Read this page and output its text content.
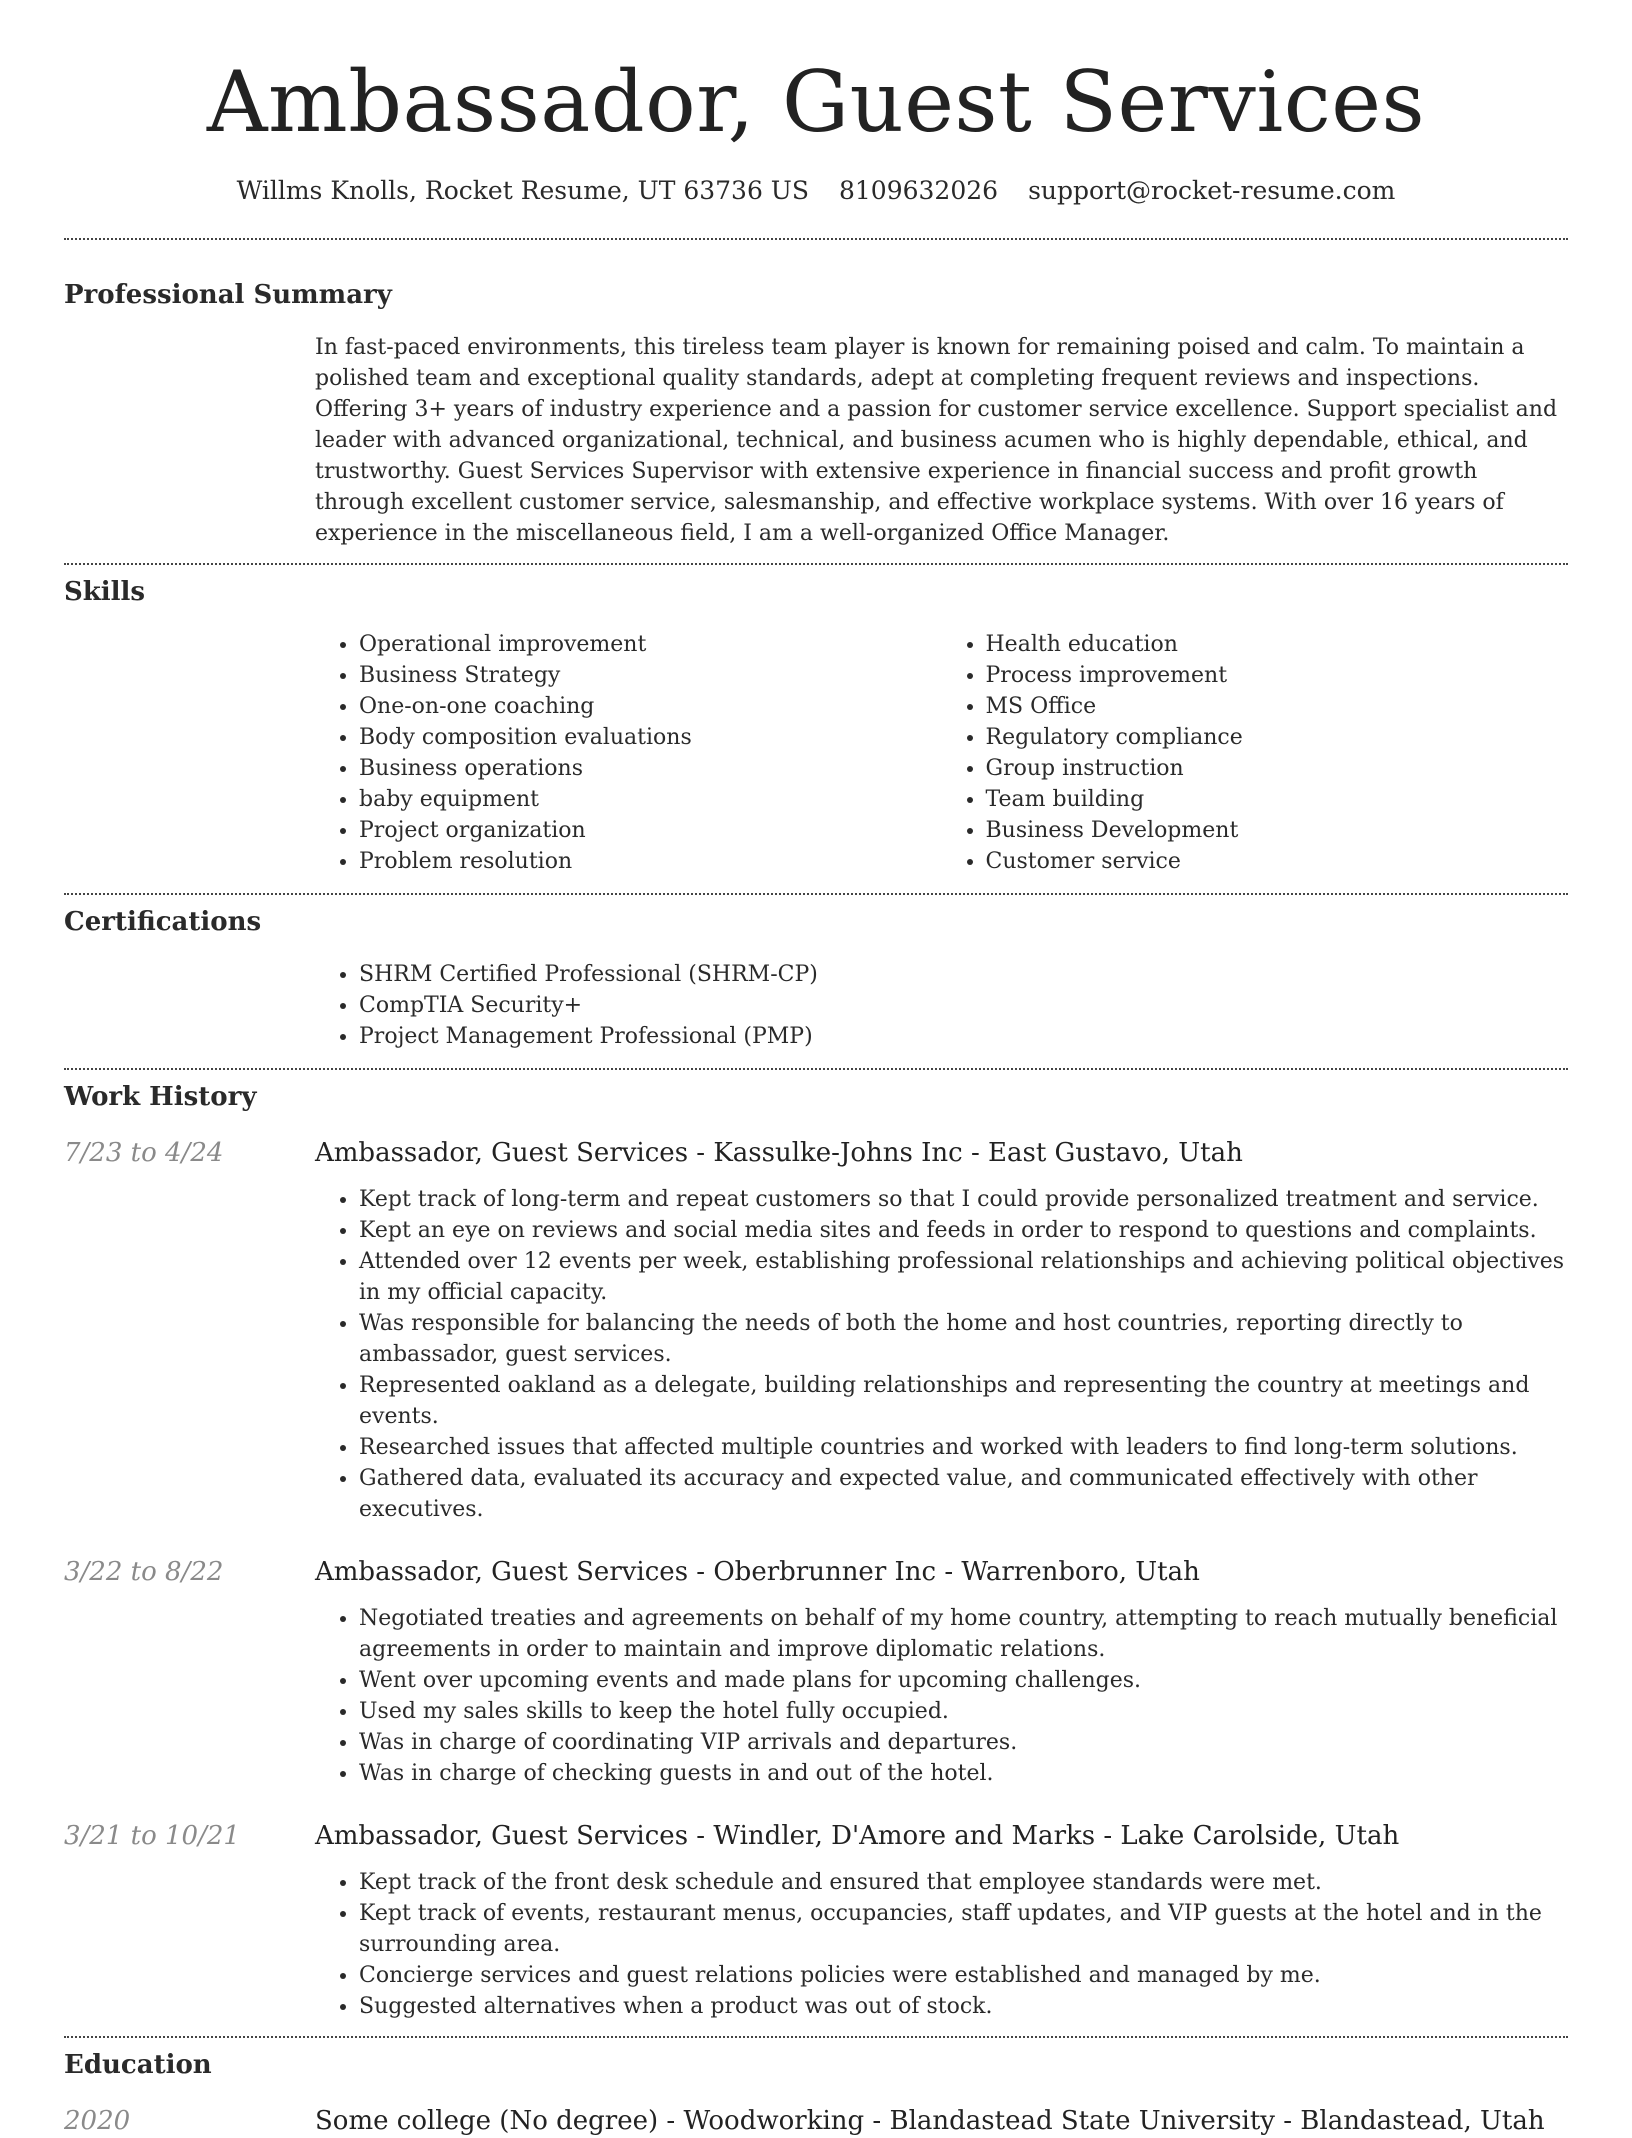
Ambassador, Guest Services
Willms Knolls, Rocket Resume, UT 63736 US 8109632026 support@rocket-resume.com
Professional Summary

In fast-paced environments, this tireless team player is known for remaining poised and calm. To maintain a polished team and exceptional quality standards, adept at completing frequent reviews and inspections. Offering 3+ years of industry experience and a passion for customer service excellence. Support specialist and leader with advanced organizational, technical, and business acumen who is highly dependable, ethical, and trustworthy. Guest Services Supervisor with extensive experience in financial success and profit growth through excellent customer service, salesmanship, and effective workplace systems. With over 16 years of experience in the miscellaneous field, I am a well-organized Office Manager.

Skills
• Operational improvement
• Business Strategy
• One-on-one coaching
• Body composition evaluations
• Business operations
• baby equipment
• Project organization
• Problem resolution
• Health education
• Process improvement
• MS Office
• Regulatory compliance
• Group instruction
• Team building
• Business Development
• Customer service
Certifications
• SHRM Certified Professional (SHRM-CP)
• CompTIA Security+
• Project Management Professional (PMP)
Work History
7/23 to 4/24	Ambassador, Guest Services - Kassulke-Johns Inc - East Gustavo, Utah
• Kept track of long-term and repeat customers so that I could provide personalized treatment and service.
• Kept an eye on reviews and social media sites and feeds in order to respond to questions and complaints.
• Attended over 12 events per week, establishing professional relationships and achieving political objectives in my official capacity.
• Was responsible for balancing the needs of both the home and host countries, reporting directly to ambassador, guest services.
• Represented oakland as a delegate, building relationships and representing the country at meetings and events.
• Researched issues that affected multiple countries and worked with leaders to find long-term solutions.
• Gathered data, evaluated its accuracy and expected value, and communicated effectively with other executives.
3/22 to 8/22	Ambassador, Guest Services - Oberbrunner Inc - Warrenboro, Utah
• Negotiated treaties and agreements on behalf of my home country, attempting to reach mutually beneficial agreements in order to maintain and improve diplomatic relations.
• Went over upcoming events and made plans for upcoming challenges.
• Used my sales skills to keep the hotel fully occupied.
• Was in charge of coordinating VIP arrivals and departures.
• Was in charge of checking guests in and out of the hotel.
3/21 to 10/21	Ambassador, Guest Services - Windler, D'Amore and Marks - Lake Carolside, Utah
• Kept track of the front desk schedule and ensured that employee standards were met.
• Kept track of events, restaurant menus, occupancies, staff updates, and VIP guests at the hotel and in the surrounding area.
• Concierge services and guest relations policies were established and managed by me.
• Suggested alternatives when a product was out of stock.
Education
2020	Some college (No degree) - Woodworking - Blandastead State University - Blandastead, Utah
